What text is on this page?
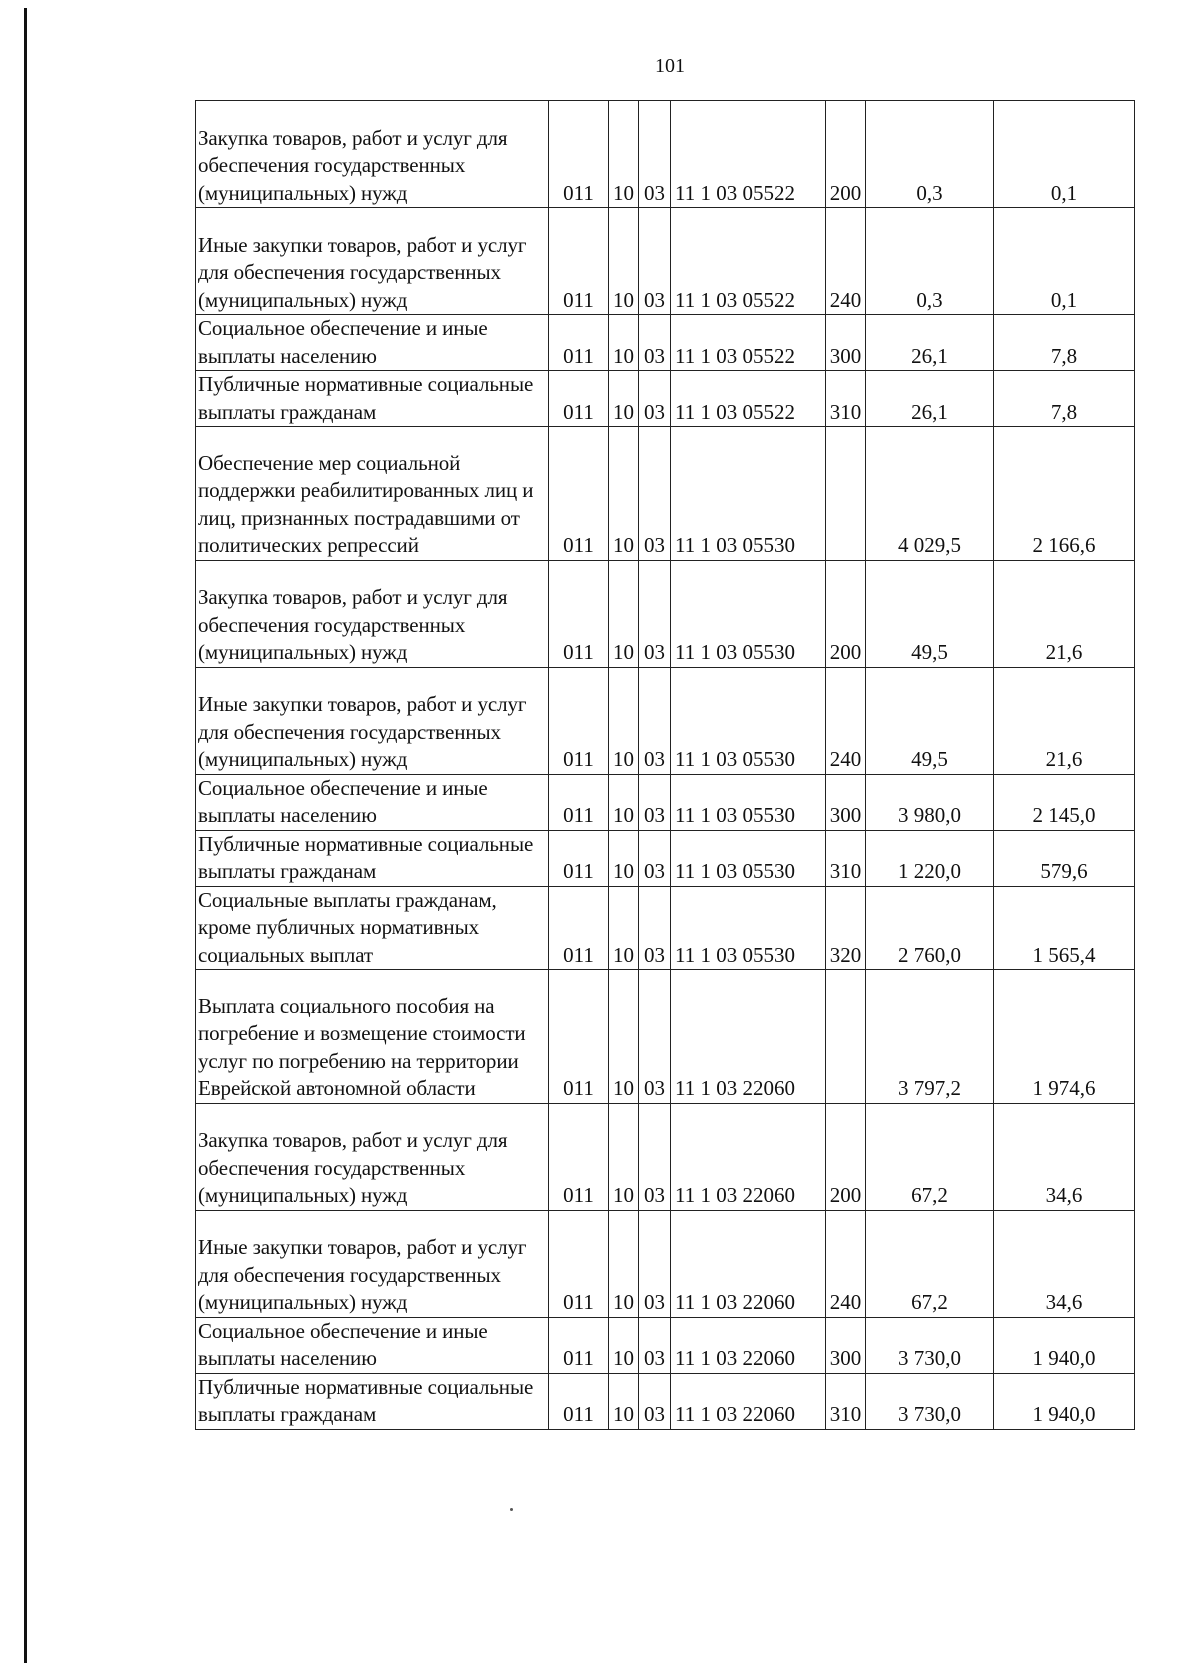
101
Закупка товаров, работ и услуг для обеспечения государственных (муниципальных) нужд	011	10	03	11 1 03 05522	200	0,3	0,1
Иные закупки товаров, работ и услуг для обеспечения государственных (муниципальных) нужд	011	10	03	11 1 03 05522	240	0,3	0,1
Социальное обеспечение и иные выплаты населению	011	10	03	11 1 03 05522	300	26,1	7,8
Публичные нормативные социальные выплаты гражданам	011	10	03	11 1 03 05522	310	26,1	7,8
Обеспечение мер социальной поддержки реабилитированных лиц и лиц, признанных пострадавшими от политических репрессий	011	10	03	11 1 03 05530		4 029,5	2 166,6
Закупка товаров, работ и услуг для обеспечения государственных (муниципальных) нужд	011	10	03	11 1 03 05530	200	49,5	21,6
Иные закупки товаров, работ и услуг для обеспечения государственных (муниципальных) нужд	011	10	03	11 1 03 05530	240	49,5	21,6
Социальное обеспечение и иные выплаты населению	011	10	03	11 1 03 05530	300	3 980,0	2 145,0
Публичные нормативные социальные выплаты гражданам	011	10	03	11 1 03 05530	310	1 220,0	579,6
Социальные выплаты гражданам, кроме публичных нормативных социальных выплат	011	10	03	11 1 03 05530	320	2 760,0	1 565,4
Выплата социального пособия на погребение и возмещение стоимости услуг по погребению на территории Еврейской автономной области	011	10	03	11 1 03 22060		3 797,2	1 974,6
Закупка товаров, работ и услуг для обеспечения государственных (муниципальных) нужд	011	10	03	11 1 03 22060	200	67,2	34,6
Иные закупки товаров, работ и услуг для обеспечения государственных (муниципальных) нужд	011	10	03	11 1 03 22060	240	67,2	34,6
Социальное обеспечение и иные выплаты населению	011	10	03	11 1 03 22060	300	3 730,0	1 940,0
Публичные нормативные социальные выплаты гражданам	011	10	03	11 1 03 22060	310	3 730,0	1 940,0
